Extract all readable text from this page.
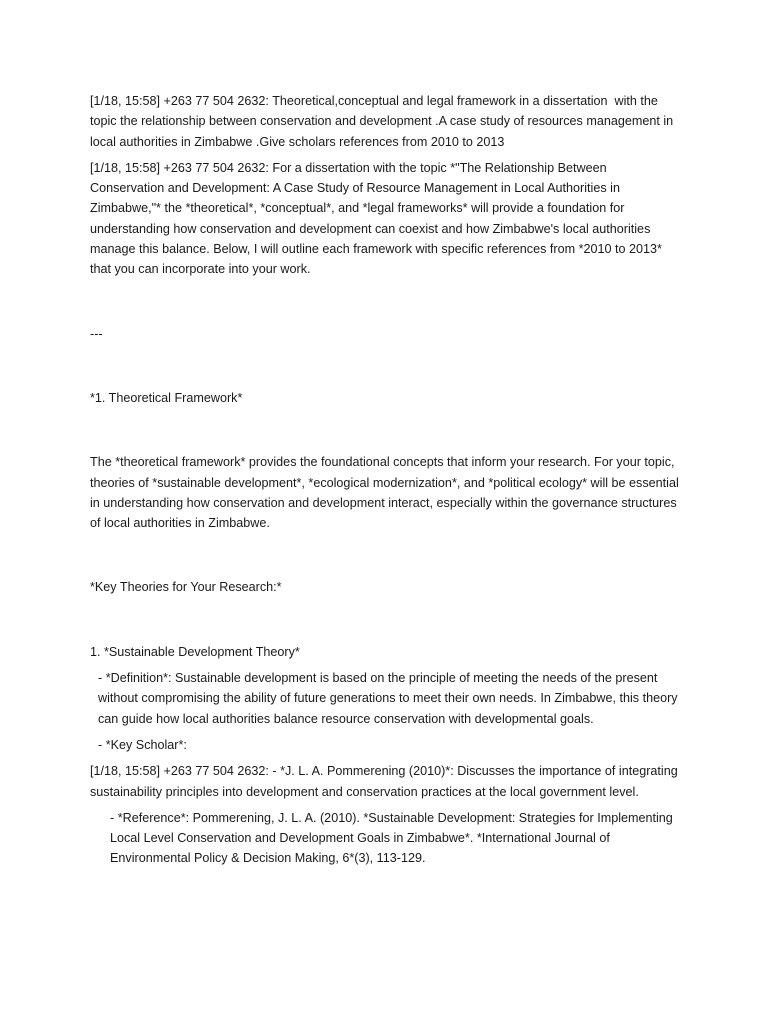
[1/18, 15:58] +263 77 504 2632: Theoretical,conceptual and legal framework in a dissertation  with the topic the relationship between conservation and development .A case study of resources management in local authorities in Zimbabwe .Give scholars references from 2010 to 2013

[1/18, 15:58] +263 77 504 2632: For a dissertation with the topic *"The Relationship Between Conservation and Development: A Case Study of Resource Management in Local Authorities in Zimbabwe,"* the *theoretical*, *conceptual*, and *legal frameworks* will provide a foundation for understanding how conservation and development can coexist and how Zimbabwe's local authorities manage this balance. Below, I will outline each framework with specific references from *2010 to 2013* that you can incorporate into your work.

---

*1. Theoretical Framework*

The *theoretical framework* provides the foundational concepts that inform your research. For your topic, theories of *sustainable development*, *ecological modernization*, and *political ecology* will be essential in understanding how conservation and development interact, especially within the governance structures of local authorities in Zimbabwe.

*Key Theories for Your Research:*

1. *Sustainable Development Theory*

- *Definition*: Sustainable development is based on the principle of meeting the needs of the present without compromising the ability of future generations to meet their own needs. In Zimbabwe, this theory can guide how local authorities balance resource conservation with developmental goals.

- *Key Scholar*:

[1/18, 15:58] +263 77 504 2632: - *J. L. A. Pommerening (2010)*: Discusses the importance of integrating sustainability principles into development and conservation practices at the local government level.

- *Reference*: Pommerening, J. L. A. (2010). *Sustainable Development: Strategies for Implementing Local Level Conservation and Development Goals in Zimbabwe*. *International Journal of Environmental Policy & Decision Making, 6*(3), 113-129.
